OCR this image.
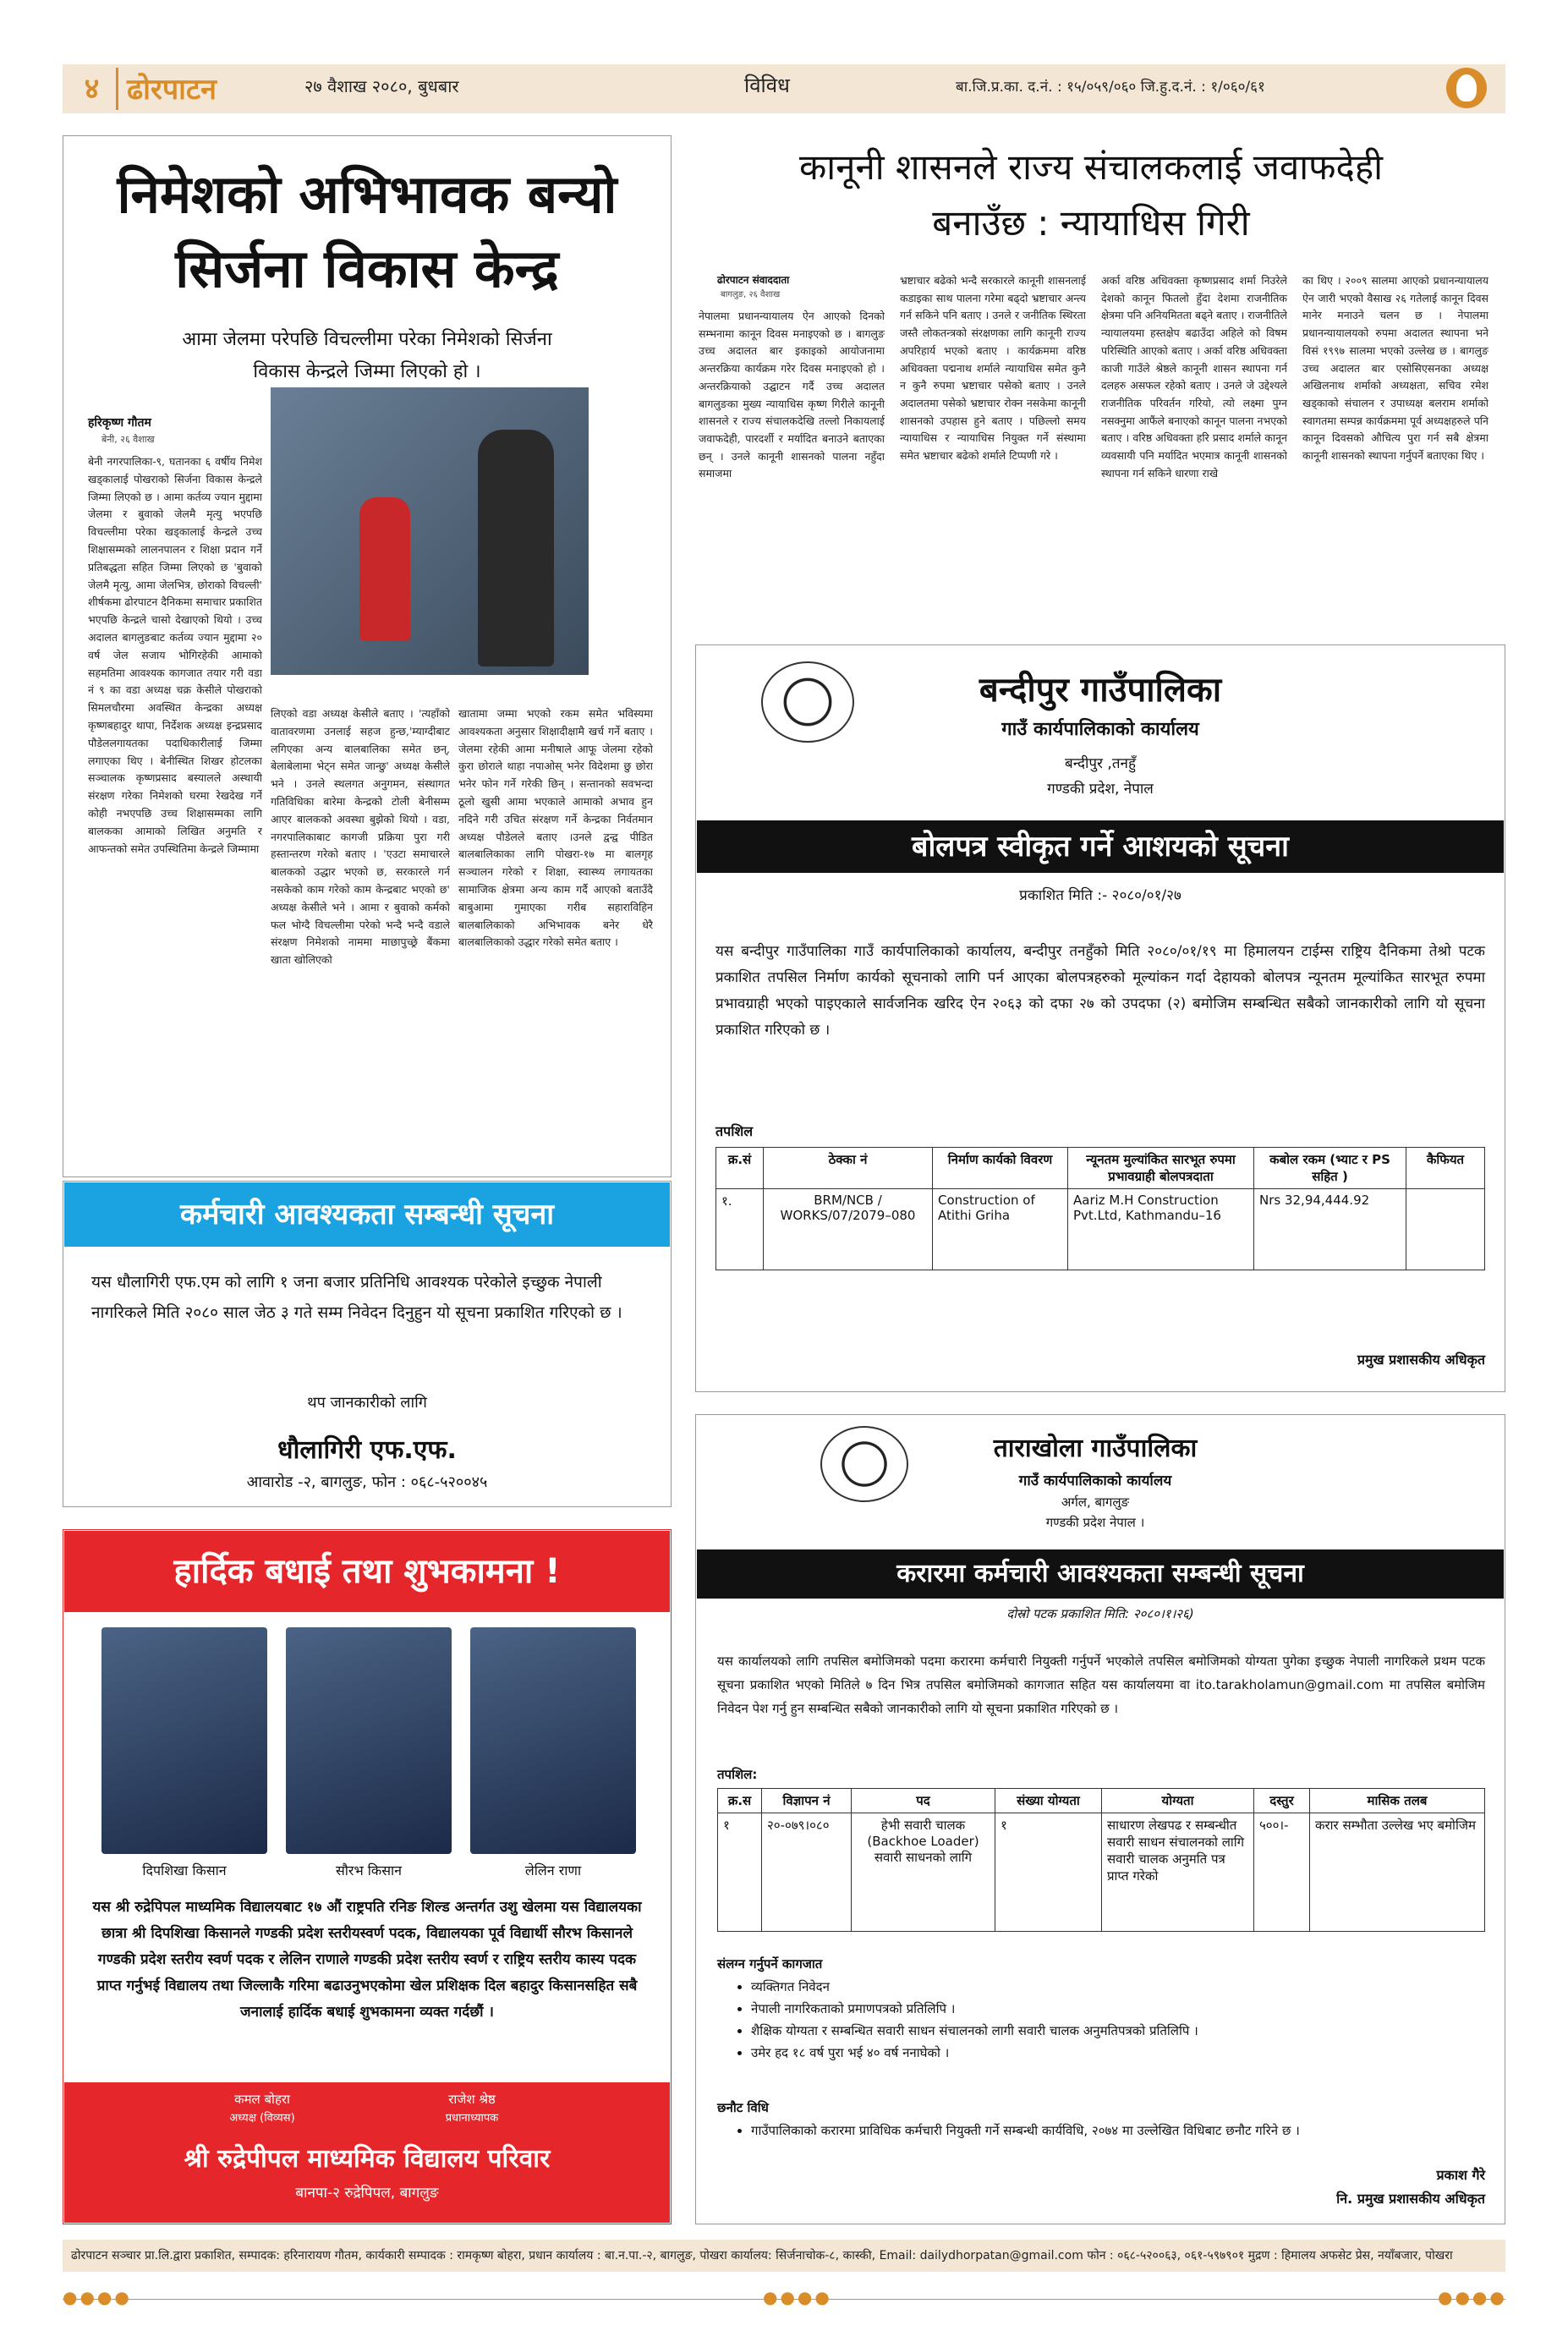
४ ढोरपाटन	२७ वैशाख २०८०, बुधबार	विविध	बा.जि.प्र.का. द.नं. : १५/०५९/०६० जि.हु.द.नं. : १/०६०/६१
निमेशको अभिभावक बन्यो
सिर्जना विकास केन्द्र
आमा जेलमा परेपछि विचल्लीमा परेका निमेशको सिर्जना
विकास केन्द्रले जिम्मा लिएको हो ।
हरिकृष्ण गौतम
बेनी, २६ वैशाख
बेनी नगरपालिका-९, घतानका ६ वर्षीय निमेश खड्कालाई पोखराको सिर्जना विकास केन्द्रले जिम्मा लिएको छ । आमा कर्तव्य ज्यान मुद्दामा जेलमा र बुवाको जेलमै मृत्यु भएपछि विचल्लीमा परेका खड्कालाई केन्द्रले उच्च शिक्षासम्मको लालनपालन र शिक्षा प्रदान गर्ने प्रतिबद्धता सहित जिम्मा लिएको छ 'बुवाको जेलमै मृत्यु, आमा जेलभित्र, छोराको विचल्ली' शीर्षकमा ढोरपाटन दैनिकमा समाचार प्रकाशित भएपछि केन्द्रले चासो देखाएको थियो । उच्च अदालत बागलुङबाट कर्तव्य ज्यान मुद्दामा २० वर्ष जेल सजाय भोगिरहेकी आमाको सहमतिमा आवश्यक कागजात तयार गरी वडा नं ९ का वडा अध्यक्ष चक्र केसीले पोखराको सिमलचौरमा अवस्थित केन्द्रका अध्यक्ष कृष्णबहादुर थापा, निर्देशक अध्यक्ष इन्द्रप्रसाद पौडेललगायतका पदाधिकारीलाई जिम्मा लगाएका थिए । बेनीस्थित शिखर होटलका सञ्चालक कृष्णप्रसाद बस्यालले अस्थायी संरक्षण गरेका निमेशको घरमा रेखदेख गर्ने कोही नभएपछि उच्च शिक्षासम्मका लागि बालकका आमाको लिखित अनुमति र आफन्तको समेत उपस्थितिमा केन्द्रले जिम्मामा
लिएको वडा अध्यक्ष केसीले बताए । 'त्यहाँको वातावरणमा उनलाई सहज हुन्छ,'म्याग्दीबाट लगिएका अन्य बालबालिका समेत छन्, बेलाबेलामा भेट्न समेत जान्छु' अध्यक्ष केसीले भने । उनले स्थलगत अनुगमन, संस्थागत गतिविधिका बारेमा केन्द्रको टोली बेनीसम्म आएर बालकको अवस्था बुझेको थियो । वडा, नगरपालिकाबाट कागजी प्रक्रिया पुरा गरी हस्तान्तरण गरेको बताए । 'एउटा समाचारले बालकको उद्धार भएको छ, सरकारले गर्न नसकेको काम गरेको काम केन्द्रबाट भएको छ' अध्यक्ष केसीले भने । आमा र बुवाको कर्मको फल भोग्दै विचल्लीमा परेको भन्दै भन्दै वडाले संरक्षण निमेशको नाममा माछापुच्छ्रे बैंकमा खाता खोलिएको
खातामा जम्मा भएको रकम समेत भविस्यमा आवश्यकता अनुसार शिक्षादीक्षामै खर्च गर्ने बताए । जेलमा रहेकी आमा मनीषाले आफू जेलमा रहेको कुरा छोराले थाहा नपाओस् भनेर विदेशमा छु छोरा भनेर फोन गर्ने गरेकी छिन् । सन्तानको सवभन्दा ठूलो खुसी आमा भएकाले आमाको अभाव हुन नदिने गरी उचित संरक्षण गर्ने केन्द्रका निर्वतमान अध्यक्ष पौडेलले बताए ।उनले द्वन्द्व पीडित बालबालिकाका लागि पोखरा-१७ मा बालगृह सञ्चालन गरेको र शिक्षा, स्वास्थ्य लगायतका सामाजिक क्षेत्रमा अन्य काम गर्दै आएको बताउँदै बाबुआमा गुमाएका गरीब सहाराविहिन बालबालिकाको अभिभावक बनेर धेरै बालबालिकाको उद्धार गरेको समेत बताए ।
कानूनी शासनले राज्य संचालकलाई जवाफदेही
बनाउँछ : न्यायाधिस गिरी
ढोरपाटन संवाददाता
बागलुङ, २६ वैशाख
नेपालमा प्रधानन्यायालय ऐन आएको दिनको सम्भनामा कानून दिवस मनाइएको छ । बागलुङ उच्च अदालत बार इकाइको आयोजनामा अन्तरक्रिया कार्यक्रम गरेर दिवस मनाइएको हो । अन्तरक्रियाको उद्घाटन गर्दै उच्च अदालत बागलुङका मुख्य न्यायाधिस कृष्ण गिरीले कानूनी शासनले र राज्य संचालकदेखि तल्लो निकायलाई जवाफदेही, पारदर्शी र मर्यादित बनाउने बताएका छन् । उनले कानूनी शासनको पालना नहुँदा समाजमा
भ्रष्टाचार बढेको भन्दै सरकारले कानूनी शासनलाई कडाइका साथ पालना गरेमा बढ्दो भ्रष्टाचार अन्त्य गर्न सकिने पनि बताए । उनले र जनीतिक स्थिरता जस्तै लोकतन्त्रको संरक्षणका लागि कानूनी राज्य अपरिहार्य भएको बताए । कार्यक्रममा वरिष्ठ अधिवक्ता पद्मनाथ शर्माले न्यायाधिस समेत कुनै न कुनै रुपमा भ्रष्टाचार पसेको बताए । उनले अदालतमा पसेको भ्रष्टाचार रोक्न नसकेमा कानूनी शासनको उपहास हुने बताए । पछिल्लो समय न्यायाधिस र न्यायाधिस नियुक्त गर्ने संस्थामा समेत भ्रष्टाचार बढेको शर्माले टिप्पणी गरे ।
अर्का वरिष्ठ अधिवक्ता कृष्णप्रसाद शर्मा निउरेले देशको कानून फितलो हुँदा देशमा राजनीतिक क्षेत्रमा पनि अनियमितता बढ्ने बताए । राजनीतिले न्यायालयमा हस्तक्षेप बढाउँदा अहिले को विषम परिस्थिति आएको बताए । अर्का वरिष्ठ अधिवक्ता काजी गाउँले श्रेष्ठले कानूनी शासन स्थापना गर्न दलहरु असफल रहेको बताए । उनले जे उद्देश्यले राजनीतिक परिवर्तन गरियो, त्यो लक्ष्मा पुग्न नसक्नुमा आफैंले बनाएको कानून पालना नभएको बताए । वरिष्ठ अधिवक्ता हरि प्रसाद शर्माले कानून व्यवसायी पनि मर्यादित भएमात्र कानूनी शासनको स्थापना गर्न सकिने धारणा राखे
का थिए । २००९ सालमा आएको प्रधानन्यायालय ऐन जारी भएको वैसाख २६ गतेलाई कानून दिवस मानेर मनाउने चलन छ । नेपालमा प्रधानन्यायालयको रुपमा अदालत स्थापना भने विसं १९९७ सालमा भएको उल्लेख छ । बागलुङ उच्च अदालत बार एसोसिएसनका अध्यक्ष अखिलनाथ शर्माको अध्यक्षता, सचिव रमेश खड्काको संचालन र उपाध्यक्ष बलराम शर्माको स्वागतमा सम्पन्न कार्यक्रममा पूर्व अध्यक्षहरुले पनि कानून दिवसको औचित्य पुरा गर्न सबै क्षेत्रमा कानूनी शासनको स्थापना गर्नुपर्ने बताएका थिए ।
कर्मचारी आवश्यकता सम्बन्धी सूचना
यस धौलागिरी एफ.एम को लागि १ जना बजार प्रतिनिधि आवश्यक परेकोले इच्छुक नेपाली नागरिकले मिति २०८० साल जेठ ३ गते सम्म निवेदन दिनुहुन यो सूचना प्रकाशित गरिएको छ ।
थप जानकारीको लागि
धौलागिरी एफ.एफ.
आवारोड -२, बागलुङ, फोन : ०६८-५२००४५
हार्दिक बधाई तथा शुभकामना !
दिपशिखा किसान	सौरभ किसान	लेलिन राणा
यस श्री रुद्रेपिपल माध्यमिक विद्यालयबाट १७ औं राष्ट्रपति रनिङ शिल्ड अन्तर्गत उशु खेलमा यस विद्यालयका छात्रा श्री दिपशिखा किसानले गण्डकी प्रदेश स्तरीयस्वर्ण पदक, विद्यालयका पूर्व विद्यार्थी सौरभ किसानले गण्डकी प्रदेश स्तरीय स्वर्ण पदक र लेलिन राणाले गण्डकी प्रदेश स्तरीय स्वर्ण र राष्ट्रिय स्तरीय कास्य पदक प्राप्त गर्नुभई विद्यालय तथा जिल्लाकै गरिमा बढाउनुभएकोमा खेल प्रशिक्षक दिल बहादुर किसानसहित सबै जनालाई हार्दिक बधाई शुभकामना व्यक्त गर्दछौं ।
कमल बोहरा
अध्यक्ष (विव्यस)
राजेश श्रेष्ठ
प्रधानाध्यापक
श्री रुद्रेपीपल माध्यमिक विद्यालय परिवार
बानपा-२ रुद्रेपिपल, बागलुङ
बन्दीपुर गाउँपालिका
गाउँ कार्यपालिकाको कार्यालय
बन्दीपुर ,तनहुँ
गण्डकी प्रदेश, नेपाल
बोलपत्र स्वीकृत गर्ने आशयको सूचना
प्रकाशित मिति :- २०८०/०१/२७
यस बन्दीपुर गाउँपालिका गाउँ कार्यपालिकाको कार्यालय, बन्दीपुर तनहुँको मिति २०८०/०१/१९ मा हिमालयन टाईम्स राष्ट्रिय दैनिकमा तेश्रो पटक प्रकाशित तपसिल निर्माण कार्यको सूचनाको लागि पर्न आएका बोलपत्रहरुको मूल्यांकन गर्दा देहायको बोलपत्र न्यूनतम मूल्यांकित सारभूत रुपमा प्रभावग्राही भएको पाइएकाले सार्वजनिक खरिद ऐन २०६३ को दफा २७ को उपदफा (२) बमोजिम सम्बन्धित सबैको जानकारीको लागि यो सूचना प्रकाशित गरिएको छ ।
तपशिल
क्र.सं	ठेक्का नं	निर्माण कार्यको विवरण	न्यूनतम मुल्यांकित सारभूत रुपमा प्रभावग्राही बोलपत्रदाता	कबोल रकम (भ्याट र PS सहित )	कैफियत
१.	BRM/NCB / WORKS/07/2079–080	Construction of Atithi Griha	Aariz M.H Construction Pvt.Ltd, Kathmandu–16	Nrs 32,94,444.92	
प्रमुख प्रशासकीय अधिकृत
ताराखोला गाउँपालिका
गाउँ कार्यपालिकाको कार्यालय
अर्गल, बागलुङ
गण्डकी प्रदेश नेपाल ।
करारमा कर्मचारी आवश्यकता सम्बन्धी सूचना
दोस्रो पटक प्रकाशित मिति: २०८०।१।२६)
यस कार्यालयको लागि तपसिल बमोजिमको पदमा करारमा कर्मचारी नियुक्ती गर्नुपर्ने भएकोले तपसिल बमोजिमको योग्यता पुगेका इच्छुक नेपाली नागरिकले प्रथम पटक सूचना प्रकाशित भएको मितिले ७ दिन भित्र तपसिल बमोजिमको कागजात सहित यस कार्यालयमा वा ito.tarakholamun@gmail.com मा तपसिल बमोजिम निवेदन पेश गर्नु हुन सम्बन्धित सबैको जानकारीको लागि यो सूचना प्रकाशित गरिएको छ ।
तपशिल:
क्र.स	विज्ञापन नं	पद	संख्या योग्यता	योग्यता	दस्तुर	मासिक तलब
१	२०-०७९।०८०	हेभी सवारी चालक (Backhoe Loader) सवारी साधनको लागि	१	साधारण लेखपढ र सम्बन्धीत सवारी साधन संचालनको लागि सवारी चालक अनुमति पत्र प्राप्त गरेको	५००।-	करार सम्भौता उल्लेख भए बमोजिम
संलग्न गर्नुपर्ने कागजात
• व्यक्तिगत निवेदन
• नेपाली नागरिकताको प्रमाणपत्रको प्रतिलिपि ।
• शैक्षिक योग्यता र सम्बन्धित सवारी साधन संचालनको लागी सवारी चालक अनुमतिपत्रको प्रतिलिपि ।
• उमेर हद १८ वर्ष पुरा भई ४० वर्ष ननाघेको ।
छनौट विधि
• गाउँपालिकाको करारमा प्राविधिक कर्मचारी नियुक्ती गर्ने सम्बन्धी कार्यविधि, २०७४ मा उल्लेखित विधिबाट छनौट गरिने छ ।
प्रकाश गैरे
नि. प्रमुख प्रशासकीय अधिकृत
ढोरपाटन सञ्चार प्रा.लि.द्वारा प्रकाशित, सम्पादक: हरिनारायण गौतम, कार्यकारी सम्पादक : रामकृष्ण बोहरा, प्रधान कार्यालय : बा.न.पा.-२, बागलुङ, पोखरा कार्यालय: सिर्जनाचोक-८, कास्की, Email: dailydhorpatan@gmail.com फोन : ०६८-५२००६३, ०६१-५९७९०१ मुद्रण : हिमालय अफसेट प्रेस, नयाँबजार, पोखरा
●●●●	●●●●	●●●●
